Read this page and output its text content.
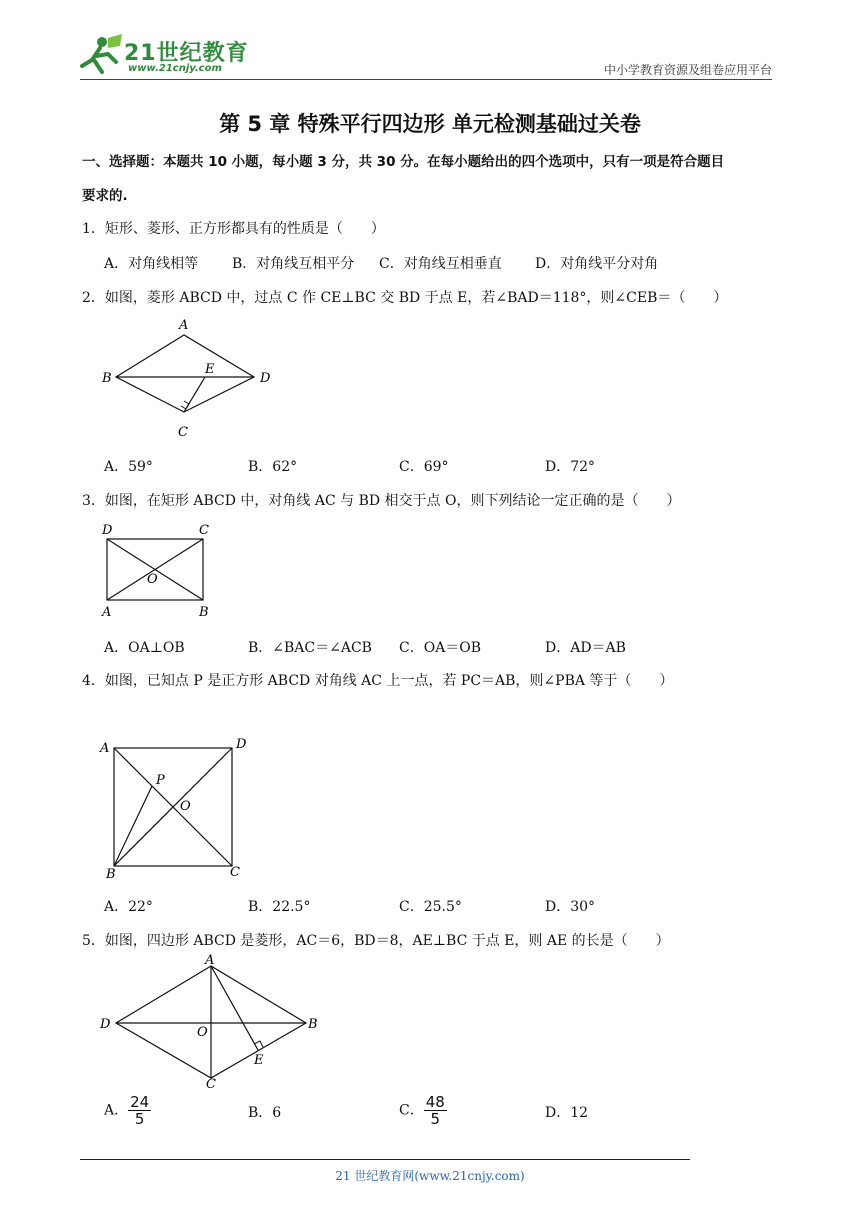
21世纪教育
www.21cnjy.com	中小学教育资源及组卷应用平台
第 5 章 特殊平行四边形 单元检测基础过关卷
一、选择题：本题共 10 小题，每小题 3 分，共 30 分。在每小题给出的四个选项中，只有一项是符合题目
要求的.
1．矩形、菱形、正方形都具有的性质是（　　）
A．对角线相等 B．对角线互相平分 C．对角线互相垂直 D．对角线平分对角
2．如图，菱形 ABCD 中，过点 C 作 CE⊥BC 交 BD 于点 E，若∠BAD＝118°，则∠CEB＝（　　）
A
B
C
D
E
A．59°	B．62°	C．69°	D．72°
3．如图，在矩形 ABCD 中，对角线 AC 与 BD 相交于点 O，则下列结论一定正确的是（　　）
D	C
A	B
O
A．OA⊥OB	B．∠BAC＝∠ACB C．OA＝OB	D．AD＝AB
4．如图，已知点 P 是正方形 ABCD 对角线 AC 上一点，若 PC＝AB，则∠PBA 等于（　　）
A	D
B	C
P
O
A．22°	B．22.5°	C．25.5°	D．30°
5．如图，四边形 ABCD 是菱形，AC＝6，BD＝8，AE⊥BC 于点 E，则 AE 的长是（　　）
A
D	B
C
O
E
A． $\frac{24}{5}$	B．6	C． $\frac{48}{5}$	D．12
21 世纪教育网(www.21cnjy.com)
